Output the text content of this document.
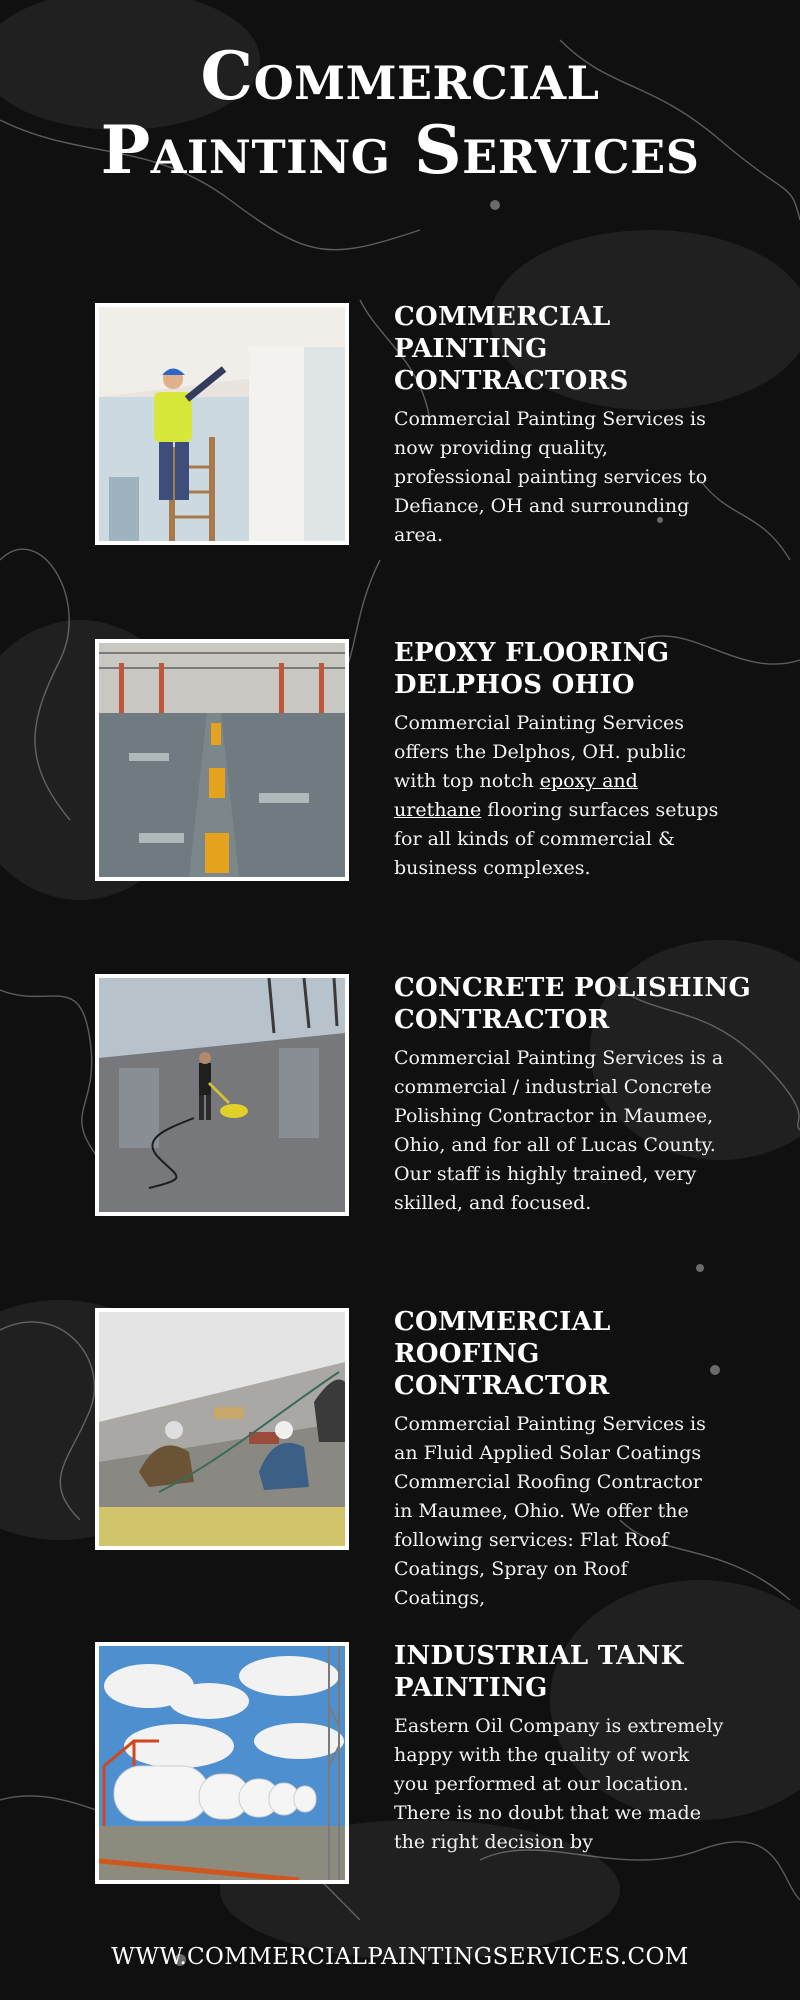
Commercial
Painting Services
COMMERCIAL PAINTING CONTRACTORS

Commercial Painting Services is now providing quality, professional painting services to Defiance, OH and surrounding area.

EPOXY FLOORING DELPHOS OHIO

Commercial Painting Services offers the Delphos, OH. public with top notch epoxy and urethane flooring surfaces setups for all kinds of commercial & business complexes.

CONCRETE POLISHING CONTRACTOR

Commercial Painting Services is a commercial / industrial Concrete Polishing Contractor in Maumee, Ohio, and for all of Lucas County. Our staff is highly trained, very skilled, and focused.

COMMERCIAL ROOFING CONTRACTOR

Commercial Painting Services is an Fluid Applied Solar Coatings Commercial Roofing Contractor in Maumee, Ohio. We offer the following services: Flat Roof Coatings, Spray on Roof Coatings,

INDUSTRIAL TANK PAINTING

Eastern Oil Company is extremely happy with the quality of work you performed at our location. There is no doubt that we made the right decision by

WWW.COMMERCIALPAINTINGSERVICES.COM
